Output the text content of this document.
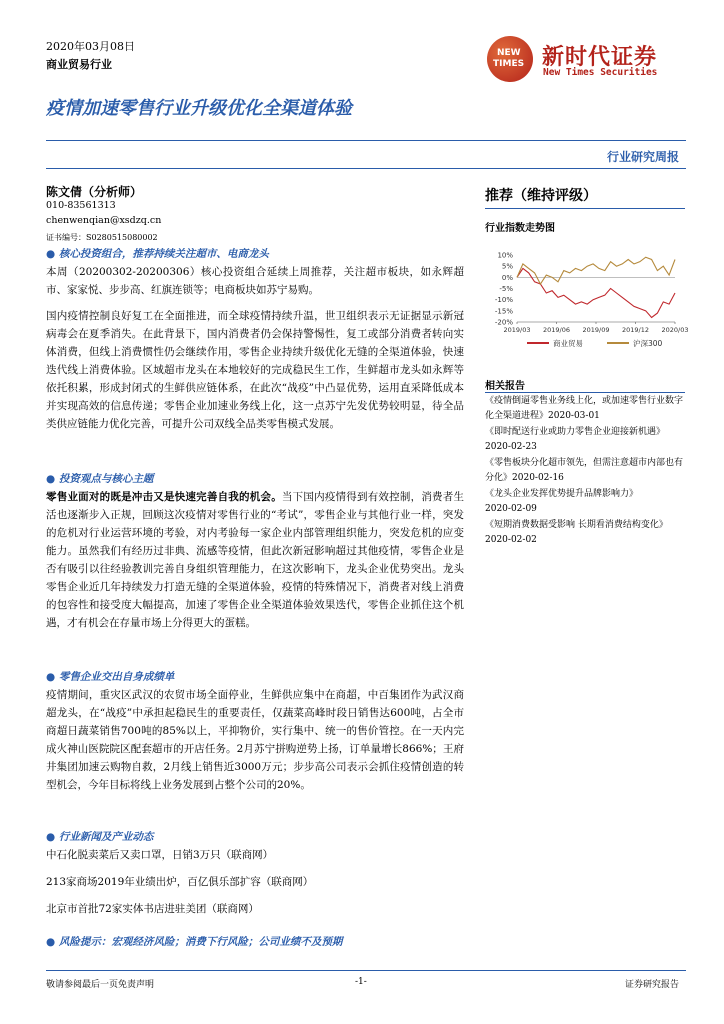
2020年03月08日
商业贸易行业
NEW
TIMES 新时代证券
New Times Securities
疫情加速零售行业升级优化全渠道体验
行业研究周报
陈文倩（分析师）
010-83561313
chenwenqian@xsdzq.cn
证书编号：S0280515080002
● 核心投资组合，推荐持续关注超市、电商龙头
本周（20200302-20200306）核心投资组合延续上周推荐，关注超市板块，如永辉超市、家家悦、步步高、红旗连锁等；电商板块如苏宁易购。
国内疫情控制良好复工在全面推进，而全球疫情持续升温，世卫组织表示无证据显示新冠病毒会在夏季消失。在此背景下，国内消费者仍会保持警惕性，复工或部分消费者转向实体消费，但线上消费惯性仍会继续作用，零售企业持续升级优化无缝的全渠道体验，快速迭代线上消费体验。区域超市龙头在本地较好的完成稳民生工作，生鲜超市龙头如永辉等依托积累，形成封闭式的生鲜供应链体系，在此次“战疫”中凸显优势，运用直采降低成本并实现高效的信息传递；零售企业加速业务线上化，这一点苏宁先发优势较明显，待全品类供应链能力优化完善，可提升公司双线全品类零售模式发展。
● 投资观点与核心主题
零售业面对的既是冲击又是快速完善自我的机会。当下国内疫情得到有效控制，消费者生活也逐渐步入正规，回顾这次疫情对零售行业的“考试”，零售企业与其他行业一样，突发的危机对行业运营环境的考验，对内考验每一家企业内部管理组织能力，突发危机的应变能力。虽然我们有经历过非典、流感等疫情，但此次新冠影响超过其他疫情，零售企业是否有吸引以往经验教训完善自身组织管理能力，在这次影响下，龙头企业优势突出。龙头零售企业近几年持续发力打造无缝的全渠道体验，疫情的特殊情况下，消费者对线上消费的包容性和接受度大幅提高，加速了零售企业全渠道体验效果迭代，零售企业抓住这个机遇，才有机会在存量市场上分得更大的蛋糕。
● 零售企业交出自身成绩单
疫情期间，重灾区武汉的农贸市场全面停业，生鲜供应集中在商超，中百集团作为武汉商超龙头，在“战疫”中承担起稳民生的重要责任，仅蔬菜高峰时段日销售达600吨，占全市商超日蔬菜销售700吨的85%以上，平抑物价，实行集中、统一的售价管控。在一天内完成火神山医院院区配套超市的开店任务。2月苏宁拼购逆势上扬，订单量增长866%；王府井集团加速云购物自救，2月线上销售近3000万元；步步高公司表示会抓住疫情创造的转型机会，今年目标将线上业务发展到占整个公司的20%。
● 行业新闻及产业动态
中石化脱卖菜后又卖口罩，日销3万只（联商网）
213家商场2019年业绩出炉，百亿俱乐部扩容（联商网）
北京市首批72家实体书店进驻美团（联商网）
● 风险提示：宏观经济风险；消费下行风险；公司业绩不及预期
推荐（维持评级）
行业指数走势图
10%
5%
0%
-5%
-10%
-15%
-20%
2019/03 2019/06 2019/09 2019/12 2020/03
商业贸易	沪深300
相关报告
《疫情倒逼零售业务线上化，或加速零售行业数字化全渠道进程》2020-03-01
《即时配送行业或助力零售企业迎接新机遇》2020-02-23
《零售板块分化超市领先，但需注意超市内部也有分化》2020-02-16
《龙头企业发挥优势提升品牌影响力》
2020-02-09
《短期消费数据受影响 长期看消费结构变化》2020-02-02
敬请参阅最后一页免责声明	-1-	证券研究报告
